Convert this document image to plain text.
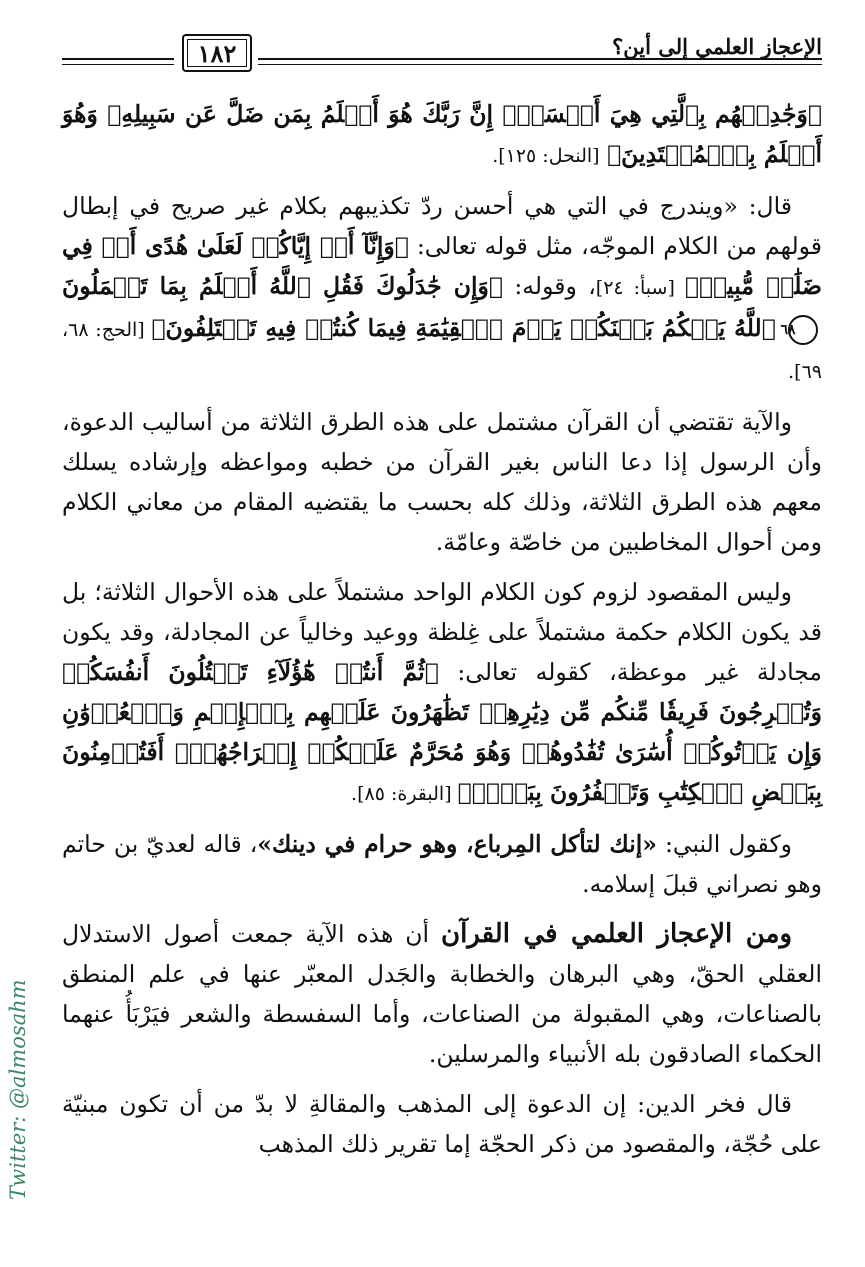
الإعجاز العلمي إلى أين؟
١٨٢

﴿وَجَٰدِلۡهُم بِٱلَّتِي هِيَ أَحۡسَنُۚ إِنَّ رَبَّكَ هُوَ أَعۡلَمُ بِمَن ضَلَّ عَن سَبِيلِهِۦ وَهُوَ أَعۡلَمُ بِٱلۡمُهۡتَدِينَ﴾ [النحل: ١٢٥].

قال: «ويندرج في التي هي أحسن ردّ تكذيبهم بكلام غير صريح في إبطال قولهم من الكلام الموجّه، مثل قوله تعالى: ﴿وَإِنَّآ أَوۡ إِيَّاكُمۡ لَعَلَىٰ هُدًى أَوۡ فِي ضَلَٰلٖ مُّبِينٖ﴾ [سبأ: ٢٤]، وقوله: ﴿وَإِن جَٰدَلُوكَ فَقُلِ ٱللَّهُ أَعۡلَمُ بِمَا تَعۡمَلُونَ ٦٨ ٱللَّهُ يَحۡكُمُ بَيۡنَكُمۡ يَوۡمَ ٱلۡقِيَٰمَةِ فِيمَا كُنتُمۡ فِيهِ تَخۡتَلِفُونَ﴾ [الحج: ٦٨، ٦٩].

والآية تقتضي أن القرآن مشتمل على هذه الطرق الثلاثة من أساليب الدعوة، وأن الرسول إذا دعا الناس بغير القرآن من خطبه ومواعظه وإرشاده يسلك معهم هذه الطرق الثلاثة، وذلك كله بحسب ما يقتضيه المقام من معاني الكلام ومن أحوال المخاطبين من خاصّة وعامّة.

وليس المقصود لزوم كون الكلام الواحد مشتملاً على هذه الأحوال الثلاثة؛ بل قد يكون الكلام حكمة مشتملاً على غِلظة ووعيد وخالياً عن المجادلة، وقد يكون مجادلة غير موعظة، كقوله تعالى: ﴿ثُمَّ أَنتُمۡ هَٰٓؤُلَآءِ تَقۡتُلُونَ أَنفُسَكُمۡ وَتُخۡرِجُونَ فَرِيقٗا مِّنكُم مِّن دِيَٰرِهِمۡ تَظَٰهَرُونَ عَلَيۡهِم بِٱلۡإِثۡمِ وَٱلۡعُدۡوَٰنِ وَإِن يَأۡتُوكُمۡ أُسَٰرَىٰ تُفَٰدُوهُمۡ وَهُوَ مُحَرَّمٌ عَلَيۡكُمۡ إِخۡرَاجُهُمۡۚ أَفَتُؤۡمِنُونَ بِبَعۡضِ ٱلۡكِتَٰبِ وَتَكۡفُرُونَ بِبَعۡضٖ﴾ [البقرة: ٨٥].

وكقول النبي: «إنك لتأكل المِرباع، وهو حرام في دينك»، قاله لعديّ بن حاتم وهو نصراني قبلَ إسلامه.

ومن الإعجاز العلمي في القرآن أن هذه الآية جمعت أصول الاستدلال العقلي الحقّ، وهي البرهان والخطابة والجَدل المعبّر عنها في علم المنطق بالصناعات، وهي المقبولة من الصناعات، وأما السفسطة والشعر فيَرْبَأُ عنهما الحكماء الصادقون بله الأنبياء والمرسلين.

قال فخر الدين: إن الدعوة إلى المذهب والمقالةِ لا بدّ من أن تكون مبنيّة على حُجّة، والمقصود من ذكر الحجّة إما تقرير ذلك المذهب

Twitter: @almosahm
